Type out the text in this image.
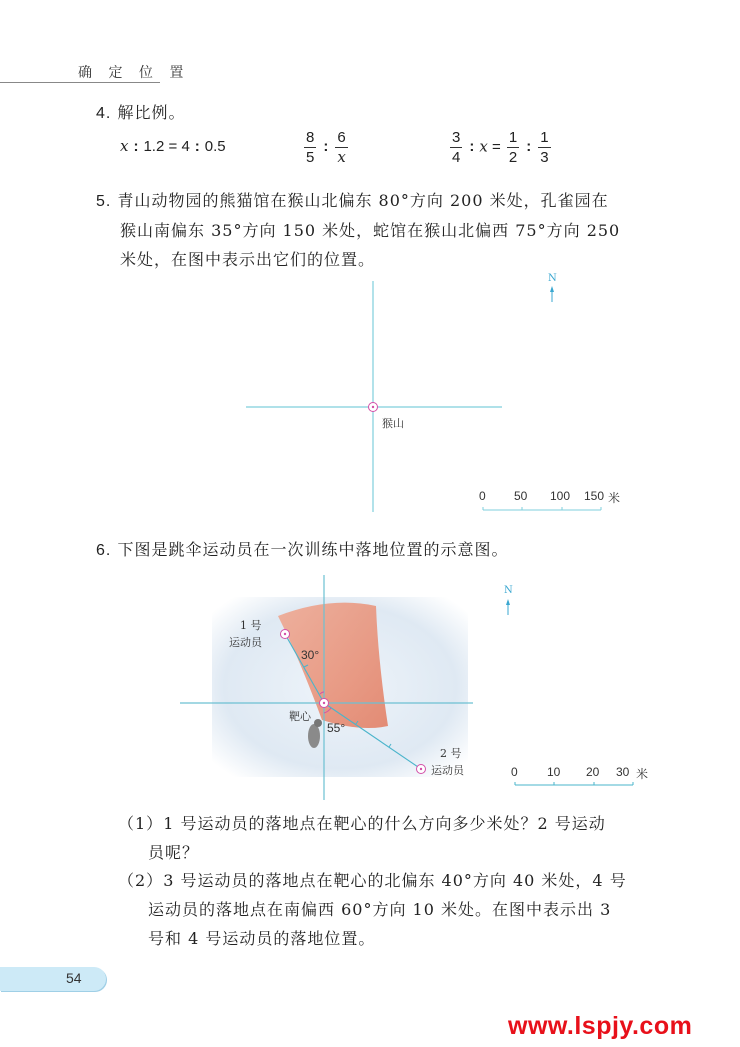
确 定 位 置
4. 解比例。
x : 1.2 = 4 : 0.5	$\frac{8}{5}$ : $\frac{6}{x}$	$\frac{3}{4}$ : $x = \frac{1}{2}$ : $\frac{1}{3}$
5. 青山动物园的熊猫馆在猴山北偏东 80°方向 200 米处，孔雀园在
猴山南偏东 35°方向 150 米处，蛇馆在猴山北偏西 75°方向 250
米处，在图中表示出它们的位置。
猴山
N
0 50 100 150 米
6. 下图是跳伞运动员在一次训练中落地位置的示意图。
1 号
运动员
30°
靶心
55°
2 号
运动员
N
0 10 20 30 米
（1）1 号运动员的落地点在靶心的什么方向多少米处？2 号运动
员呢？
（2）3 号运动员的落地点在靶心的北偏东 40°方向 40 米处，4 号
运动员的落地点在南偏西 60°方向 10 米处。在图中表示出 3
号和 4 号运动员的落地位置。
54
www.lspjy.com
